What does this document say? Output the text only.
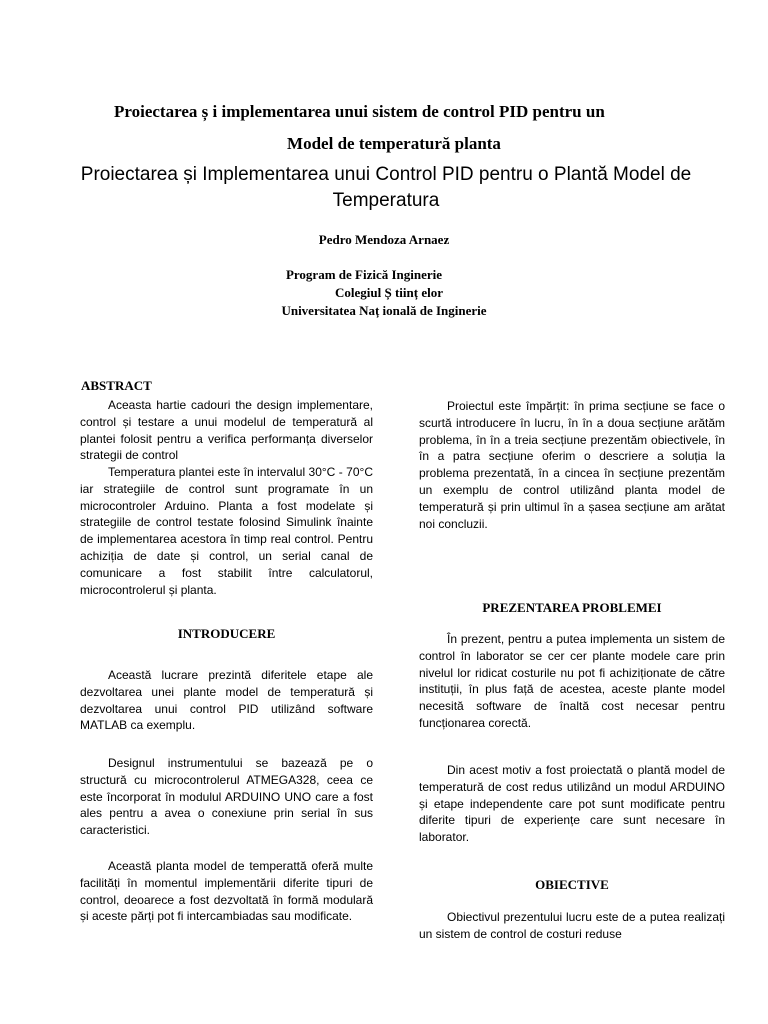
Proiectarea ș i implementarea unui sistem de control PID pentru un
Model de temperatură planta
Proiectarea și Implementarea unui Control PID pentru o Plantă Model de Temperatura
Pedro Mendoza Arnaez
Program de Fizică Inginerie
Colegiul Ș tiinț elor
Universitatea Naț ională de Inginerie
ABSTRACT
Aceasta hartie cadouri the design implementare, control și testare a unui modelul de temperatură al plantei folosit pentru a verifica performanța diverselor strategii de control
Temperatura plantei este în intervalul 30°C - 70°C iar strategiile de control sunt programate în un microcontroler Arduino. Planta a fost modelate și strategiile de control testate folosind Simulink înainte de implementarea acestora în timp real control. Pentru achiziția de date și control, un serial canal de comunicare a fost stabilit între calculatorul, microcontrolerul și planta.
INTRODUCERE
Această lucrare prezintă diferitele etape ale dezvoltarea unei plante model de temperatură și dezvoltarea unui control PID utilizând software MATLAB ca exemplu.
Designul instrumentului se bazează pe o structură cu microcontrolerul ATMEGA328, ceea ce este încorporat în modulul ARDUINO UNO care a fost ales pentru a avea o conexiune prin serial în sus caracteristici.
Această planta model de temperattă oferă multe facilități în momentul implementării diferite tipuri de control, deoarece a fost dezvoltată în formă modulară și aceste părți pot fi intercambiadas sau modificate.
Proiectul este împărțit: în prima secțiune se face o scurtă introducere în lucru, în în a doua secțiune arătăm problema, în în a treia secțiune prezentăm obiectivele, în în a patra secțiune oferim o descriere a soluția la problema prezentată, în a cincea în secțiune prezentăm un exemplu de control utilizând planta model de temperatură și prin ultimul în a șasea secțiune am arătat noi concluzii.
PREZENTAREA PROBLEMEI
În prezent, pentru a putea implementa un sistem de control în laborator se cer cer plante modele care prin nivelul lor ridicat costurile nu pot fi achiziționate de către instituții, în plus față de acestea, aceste plante model necesită software de înaltă cost necesar pentru funcționarea corectă.
Din acest motiv a fost proiectată o plantă model de temperatură de cost redus utilizând un modul ARDUINO și etape independente care pot sunt modificate pentru diferite tipuri de experiențe care sunt necesare în laborator.
OBIECTIVE
Obiectivul prezentului lucru este de a putea realizați un sistem de control de costuri reduse
